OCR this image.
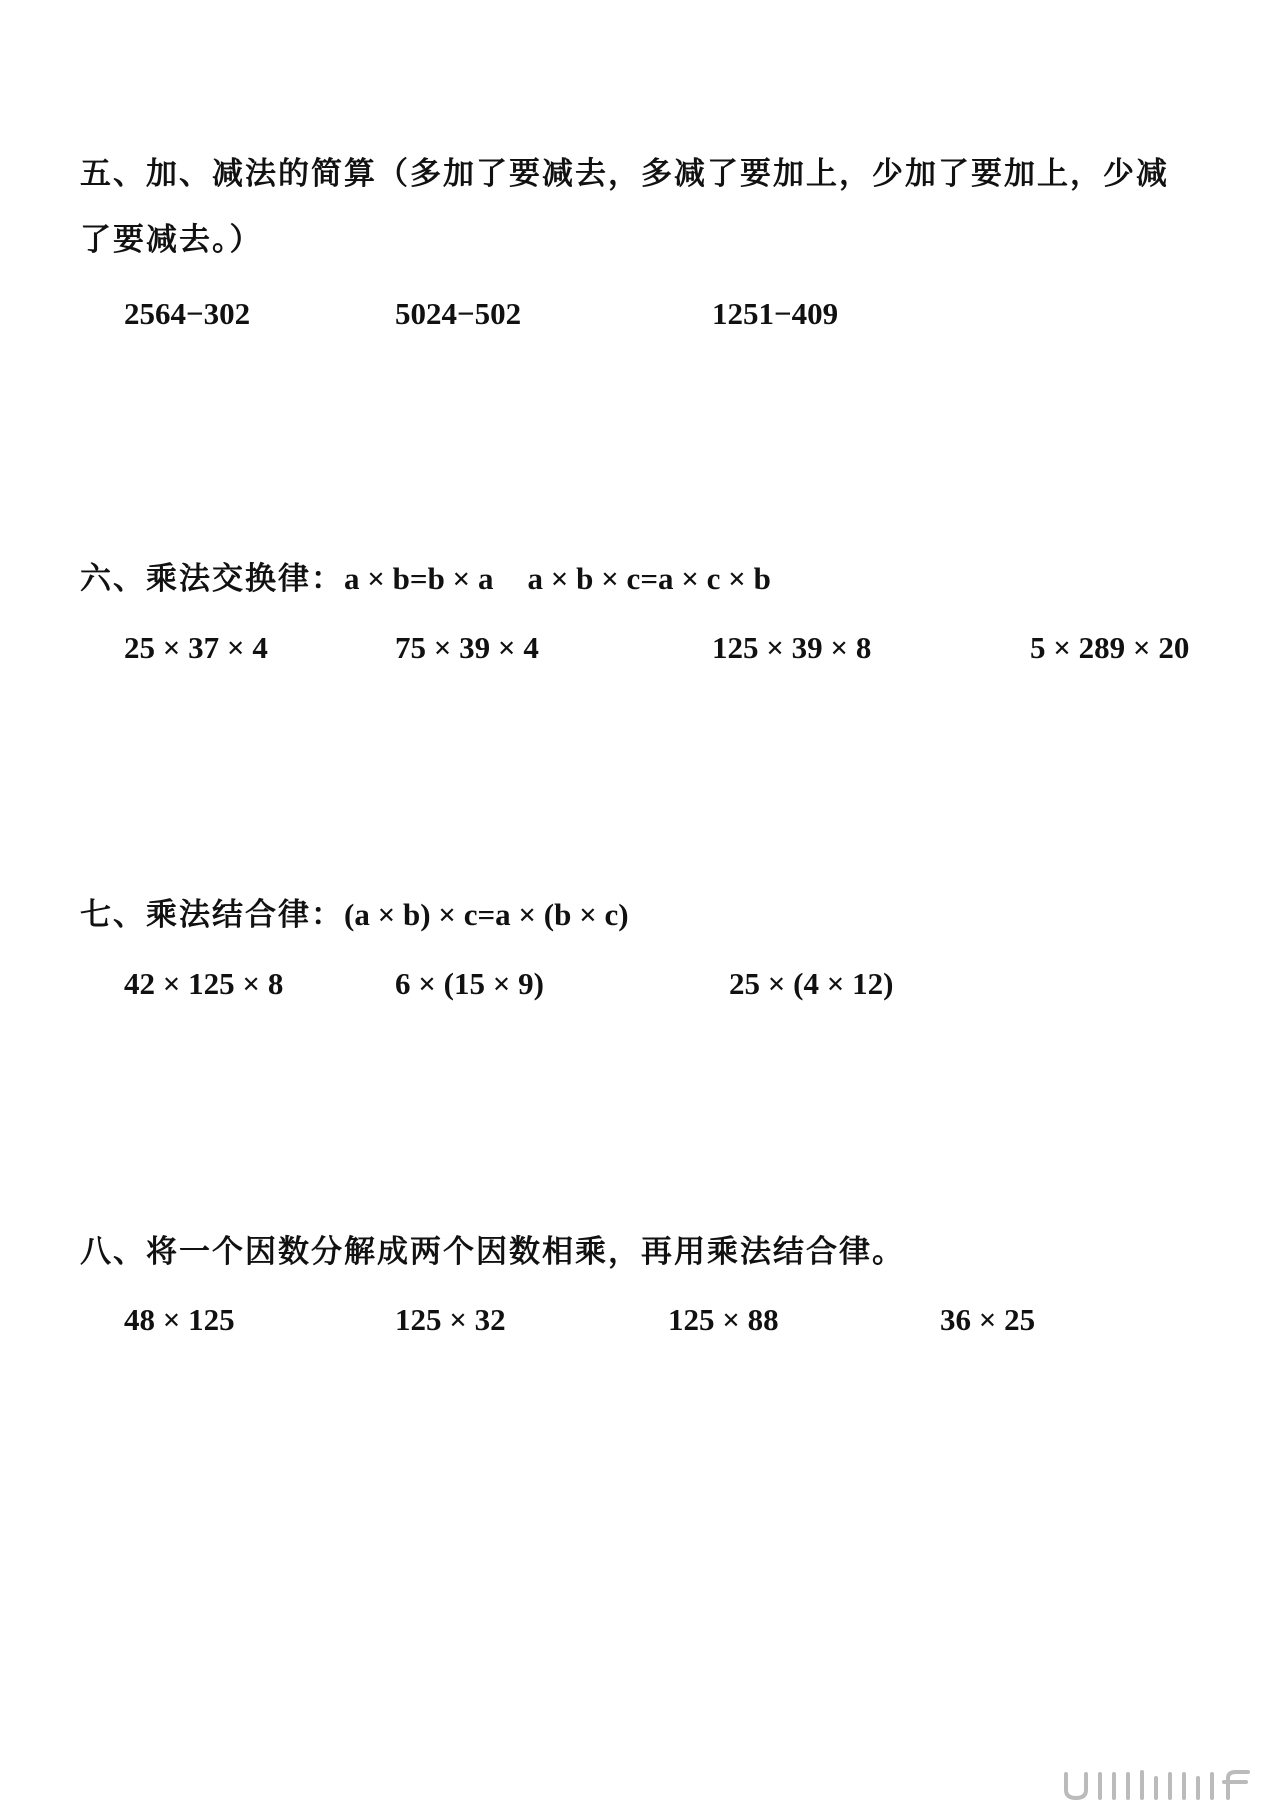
五、加、减法的简算（多加了要减去，多减了要加上，少加了要加上，少减
了要减去。）
2564−302	5024−502	1251−409
六、乘法交换律：a × b=b × a a × b × c=a × c × b
25 × 37 × 4	75 × 39 × 4	125 × 39 × 8	5 × 289 × 20
七、乘法结合律：(a × b) × c=a × (b × c)
42 × 125 × 8	6 × (15 × 9)	25 × (4 × 12)
八、将一个因数分解成两个因数相乘，再用乘法结合律。
48 × 125	125 × 32	125 × 88	36 × 25
